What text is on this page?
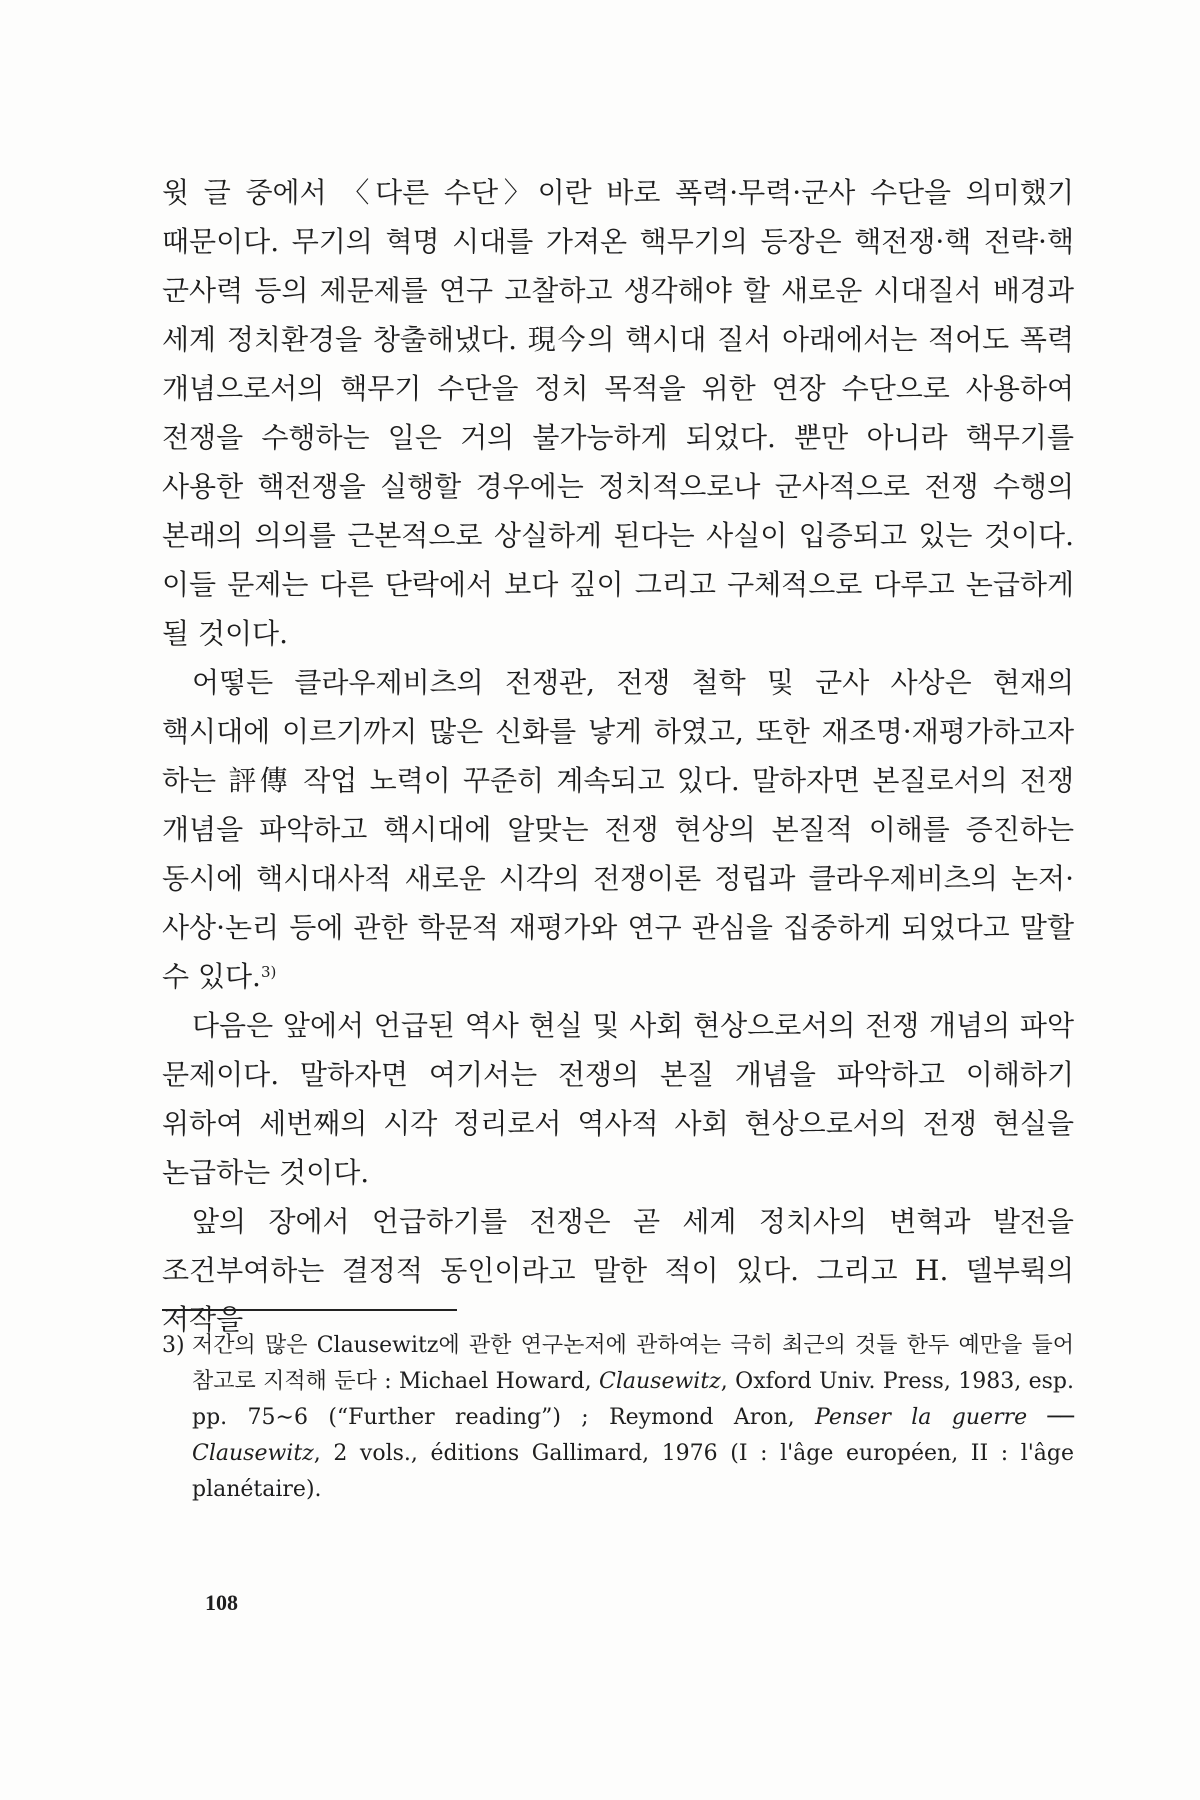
윗 글 중에서 〈다른 수단〉이란 바로 폭력·무력·군사 수단을 의미했기 때문이다. 무기의 혁명 시대를 가져온 핵무기의 등장은 핵전쟁·핵 전략·핵 군사력 등의 제문제를 연구 고찰하고 생각해야 할 새로운 시대질서 배경과 세계 정치환경을 창출해냈다. 現今의 핵시대 질서 아래에서는 적어도 폭력 개념으로서의 핵무기 수단을 정치 목적을 위한 연장 수단으로 사용하여 전쟁을 수행하는 일은 거의 불가능하게 되었다. 뿐만 아니라 핵무기를 사용한 핵전쟁을 실행할 경우에는 정치적으로나 군사적으로 전쟁 수행의 본래의 의의를 근본적으로 상실하게 된다는 사실이 입증되고 있는 것이다. 이들 문제는 다른 단락에서 보다 깊이 그리고 구체적으로 다루고 논급하게 될 것이다.

어떻든 클라우제비츠의 전쟁관, 전쟁 철학 및 군사 사상은 현재의 핵시대에 이르기까지 많은 신화를 낳게 하였고, 또한 재조명·재평가하고자 하는 評傳 작업 노력이 꾸준히 계속되고 있다. 말하자면 본질로서의 전쟁 개념을 파악하고 핵시대에 알맞는 전쟁 현상의 본질적 이해를 증진하는 동시에 핵시대사적 새로운 시각의 전쟁이론 정립과 클라우제비츠의 논저·사상·논리 등에 관한 학문적 재평가와 연구 관심을 집중하게 되었다고 말할 수 있다.$^{3)}$

다음은 앞에서 언급된 역사 현실 및 사회 현상으로서의 전쟁 개념의 파악 문제이다. 말하자면 여기서는 전쟁의 본질 개념을 파악하고 이해하기 위하여 세번째의 시각 정리로서 역사적 사회 현상으로서의 전쟁 현실을 논급하는 것이다.

앞의 장에서 언급하기를 전쟁은 곧 세계 정치사의 변혁과 발전을 조건부여하는 결정적 동인이라고 말한 적이 있다. 그리고 H. 델부뤽의 저작을

3) 저간의 많은 Clausewitz에 관한 연구논저에 관하여는 극히 최근의 것들 한두 예만을 들어 참고로 지적해 둔다 : Michael Howard, Clausewitz, Oxford Univ. Press, 1983, esp. pp. 75∼6 (“Further reading”) ; Reymond Aron, Penser la guerre ── Clausewitz, 2 vols., éditions Gallimard, 1976 (I : l'âge européen, II : l'âge planétaire).
108
